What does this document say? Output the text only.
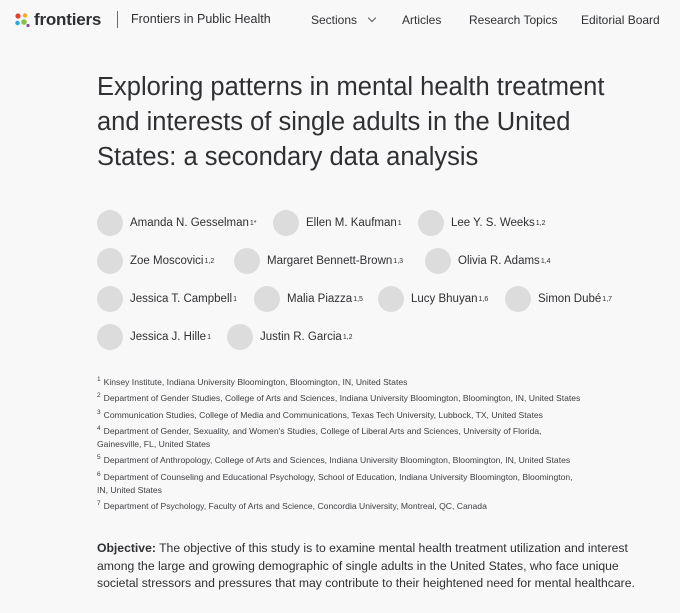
frontiers Frontiers in Public Health	Sections	Articles Research Topics Editorial Board
Exploring patterns in mental health treatment
and interests of single adults in the United
States: a secondary data analysis
Amanda N. Gesselman 1*	Ellen M. Kaufman 1	Lee Y. S. Weeks 1,2
Zoe Moscovici 1,2	Margaret Bennett-Brown 1,3	Olivia R. Adams 1,4
Jessica T. Campbell 1	Malia Piazza 1,5	Lucy Bhuyan 1,6	Simon Dubé 1,7
Jessica J. Hille 1	Justin R. Garcia 1,2
$^1$ Kinsey Institute, Indiana University Bloomington, Bloomington, IN, United States
$^2$ Department of Gender Studies, College of Arts and Sciences, Indiana University Bloomington, Bloomington, IN, United States
$^3$ Communication Studies, College of Media and Communications, Texas Tech University, Lubbock, TX, United States
$^4$ Department of Gender, Sexuality, and Women's Studies, College of Liberal Arts and Sciences, University of Florida,
Gainesville, FL, United States
$^5$ Department of Anthropology, College of Arts and Sciences, Indiana University Bloomington, Bloomington, IN, United States
$^6$ Department of Counseling and Educational Psychology, School of Education, Indiana University Bloomington, Bloomington,
IN, United States
$^7$ Department of Psychology, Faculty of Arts and Science, Concordia University, Montreal, QC, Canada
Objective: The objective of this study is to examine mental health treatment utilization and interest among the large and growing demographic of single adults in the United States, who face unique societal stressors and pressures that may contribute to their heightened need for mental healthcare.
